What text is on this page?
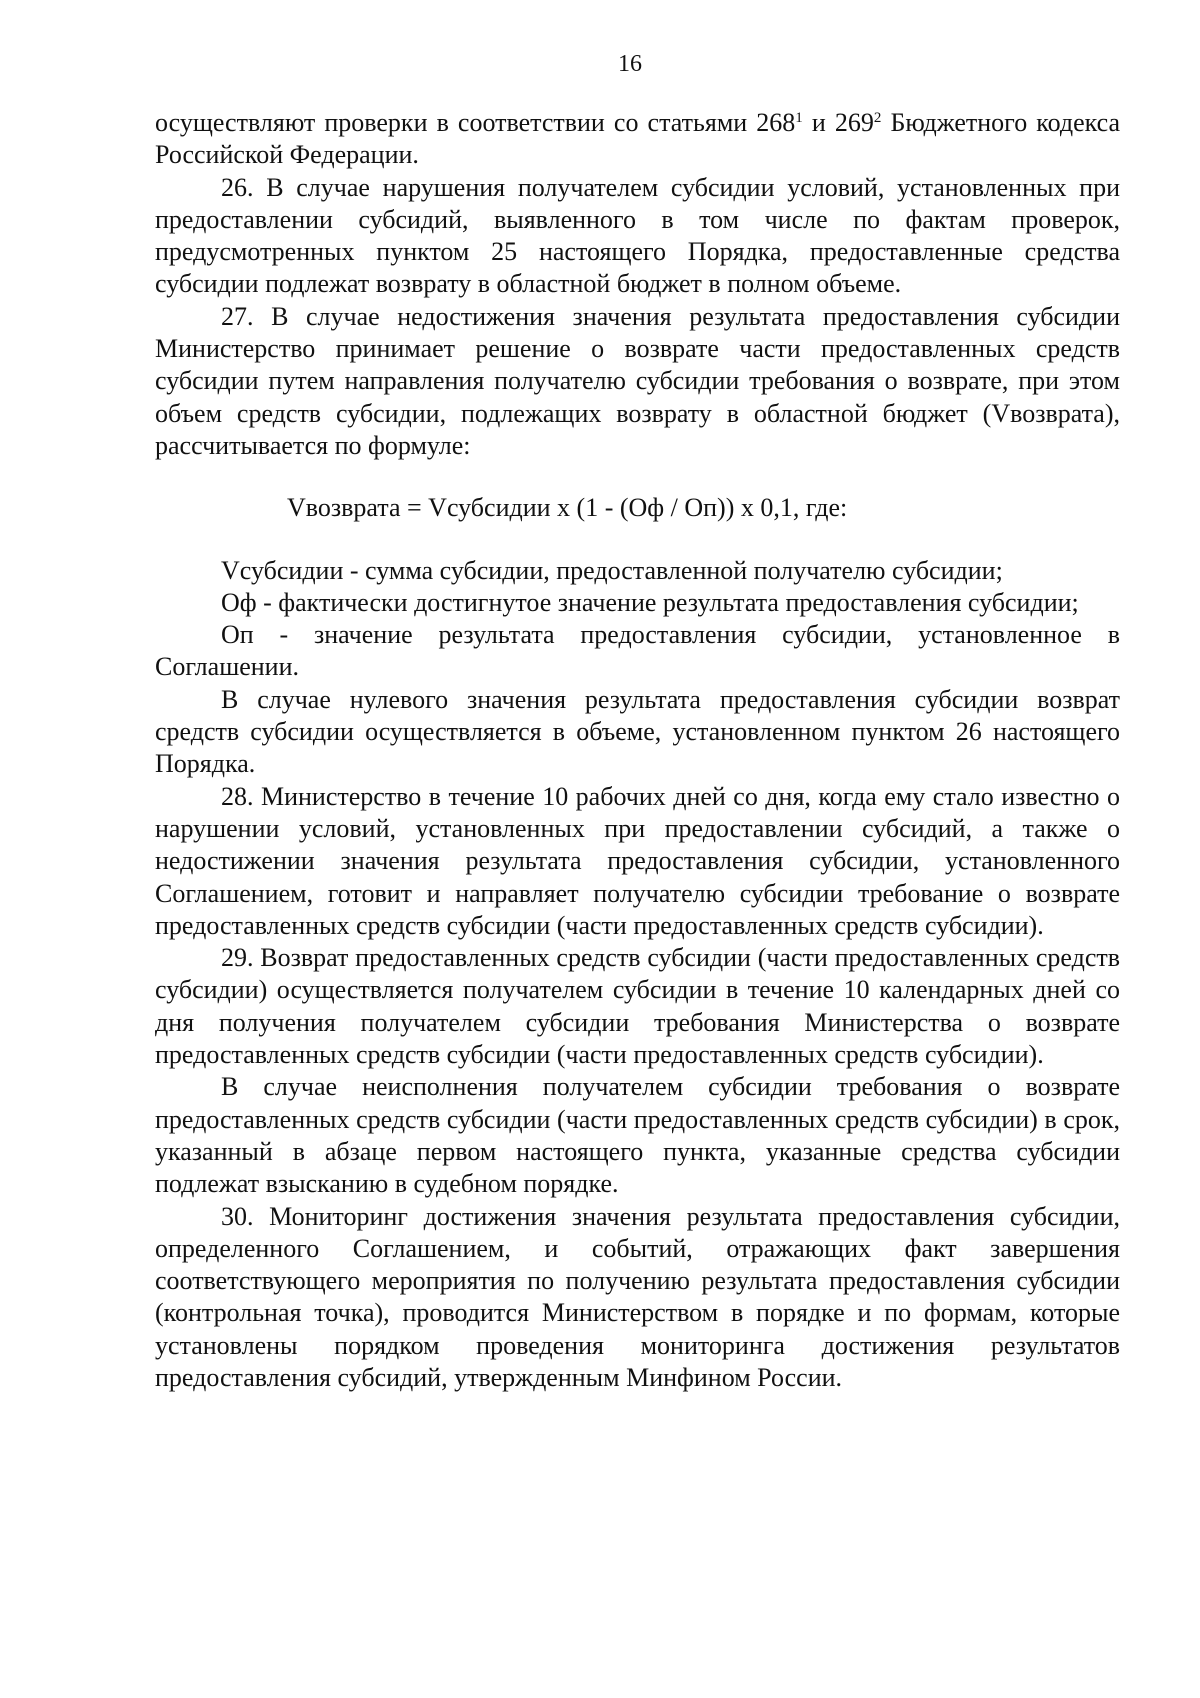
16

осуществляют проверки в соответствии со статьями $268^1$ и $269^2$ Бюджетного кодекса Российской Федерации.

26. В случае нарушения получателем субсидии условий, установленных при предоставлении субсидий, выявленного в том числе по фактам проверок, предусмотренных пунктом 25 настоящего Порядка, предоставленные средства субсидии подлежат возврату в областной бюджет в полном объеме.

27. В случае недостижения значения результата предоставления субсидии Министерство принимает решение о возврате части предоставленных средств субсидии путем направления получателю субсидии требования о возврате, при этом объем средств субсидии, подлежащих возврату в областной бюджет (Vвозврата), рассчитывается по формуле:

Vвозврата = Vсубсидии x (1 - (Оф / Оп)) x 0,1, где:

Vсубсидии - сумма субсидии, предоставленной получателю субсидии;

Оф - фактически достигнутое значение результата предоставления субсидии;

Оп - значение результата предоставления субсидии, установленное в Соглашении.

В случае нулевого значения результата предоставления субсидии возврат средств субсидии осуществляется в объеме, установленном пунктом 26 настоящего Порядка.

28. Министерство в течение 10 рабочих дней со дня, когда ему стало известно о нарушении условий, установленных при предоставлении субсидий, а также о недостижении значения результата предоставления субсидии, установленного Соглашением, готовит и направляет получателю субсидии требование о возврате предоставленных средств субсидии (части предоставленных средств субсидии).

29. Возврат предоставленных средств субсидии (части предоставленных средств субсидии) осуществляется получателем субсидии в течение 10 календарных дней со дня получения получателем субсидии требования Министерства о возврате предоставленных средств субсидии (части предоставленных средств субсидии).

В случае неисполнения получателем субсидии требования о возврате предоставленных средств субсидии (части предоставленных средств субсидии) в срок, указанный в абзаце первом настоящего пункта, указанные средства субсидии подлежат взысканию в судебном порядке.

30. Мониторинг достижения значения результата предоставления субсидии, определенного Соглашением, и событий, отражающих факт завершения соответствующего мероприятия по получению результата предоставления субсидии (контрольная точка), проводится Министерством в порядке и по формам, которые установлены порядком проведения мониторинга достижения результатов предоставления субсидий, утвержденным Минфином России.
